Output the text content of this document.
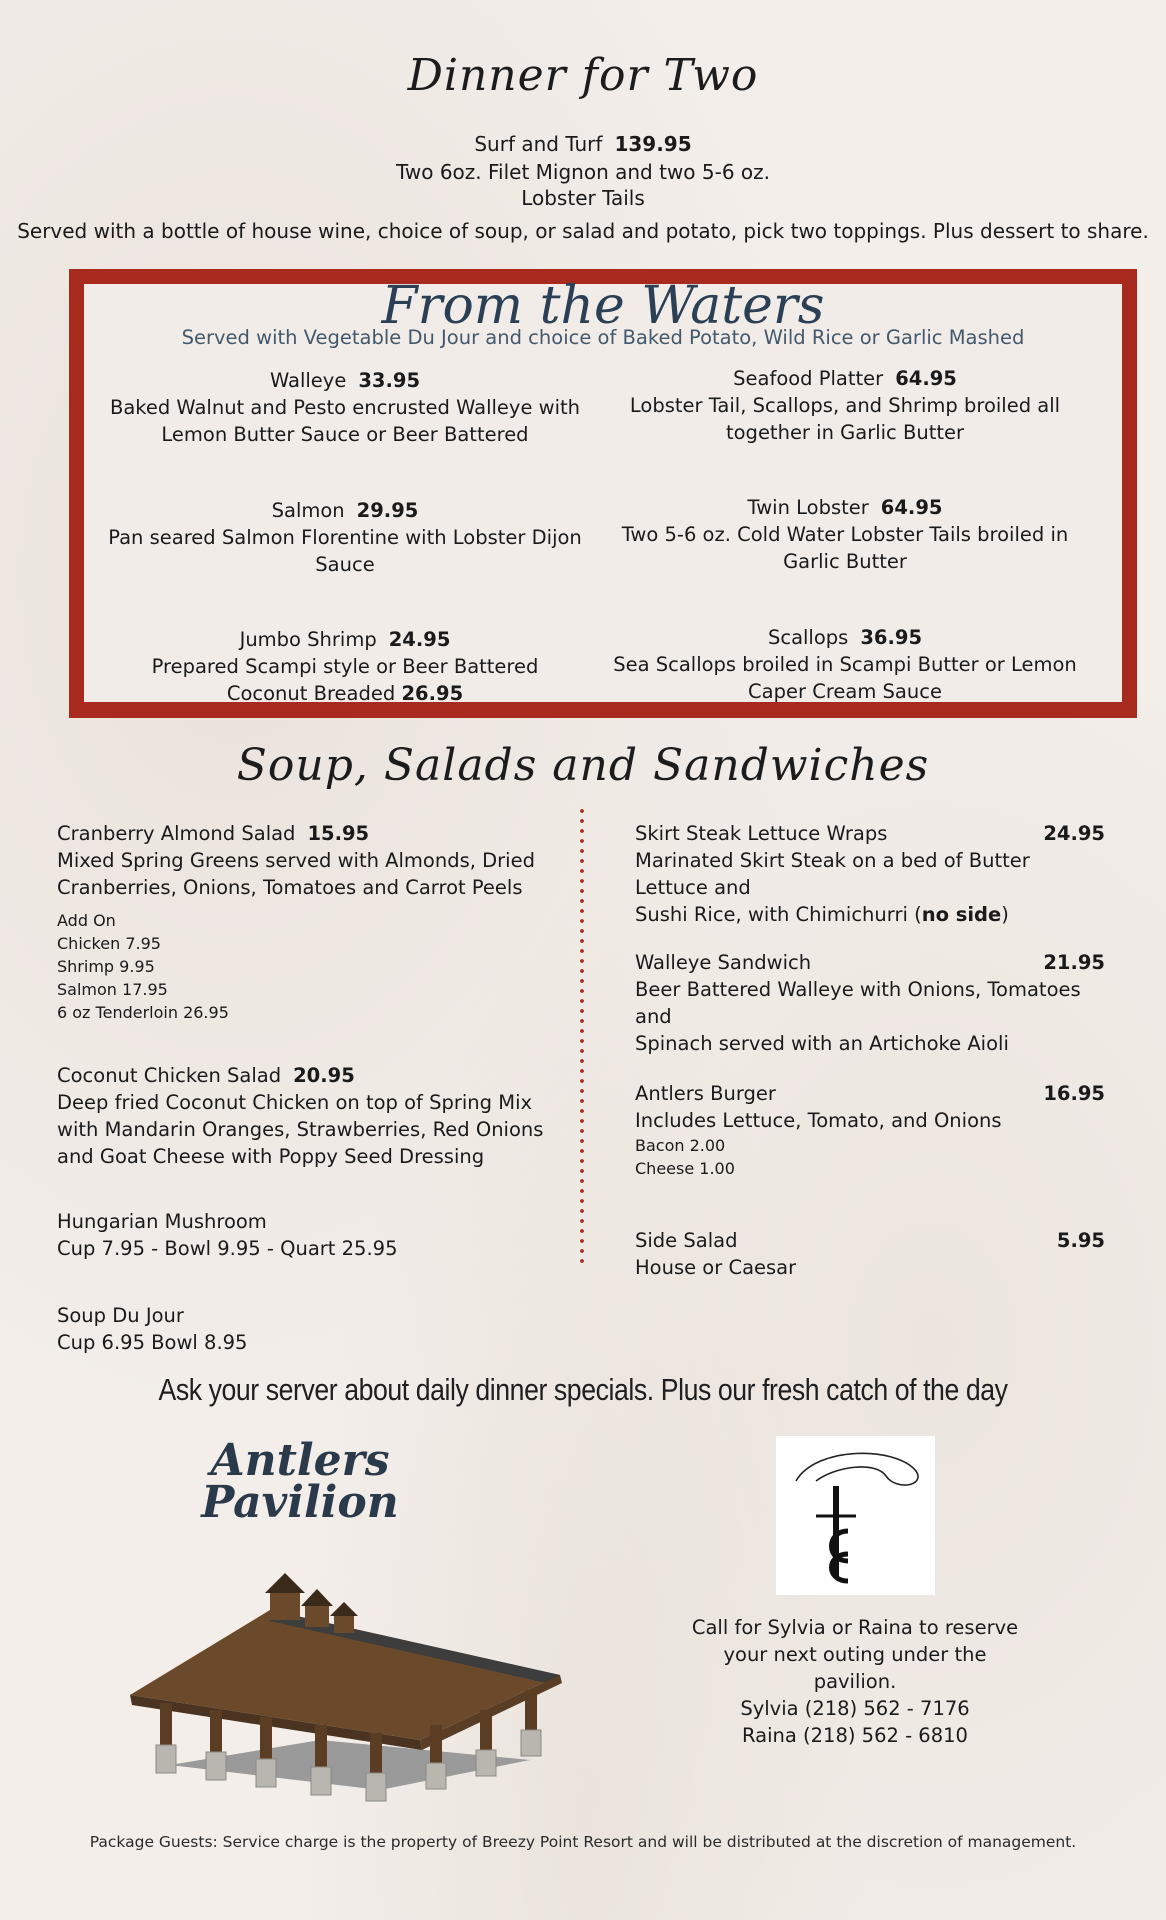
Dinner for Two
Surf and Turf 139.95
Two 6oz. Filet Mignon and two 5-6 oz.
Lobster Tails
Served with a bottle of house wine, choice of soup, or salad and potato, pick two toppings. Plus dessert to share.
From the Waters
Served with Vegetable Du Jour and choice of Baked Potato, Wild Rice or Garlic Mashed
Walleye 33.95
Baked Walnut and Pesto encrusted Walleye with
Lemon Butter Sauce or Beer Battered
Salmon 29.95
Pan seared Salmon Florentine with Lobster Dijon
Sauce
Jumbo Shrimp 24.95
Prepared Scampi style or Beer Battered
Coconut Breaded 26.95
Seafood Platter 64.95
Lobster Tail, Scallops, and Shrimp broiled all
together in Garlic Butter
Twin Lobster 64.95
Two 5-6 oz. Cold Water Lobster Tails broiled in
Garlic Butter
Scallops 36.95
Sea Scallops broiled in Scampi Butter or Lemon
Caper Cream Sauce
Soup, Salads and Sandwiches
Cranberry Almond Salad 15.95
Mixed Spring Greens served with Almonds, Dried
Cranberries, Onions, Tomatoes and Carrot Peels
Add On
Chicken 7.95
Shrimp 9.95
Salmon 17.95
6 oz Tenderloin 26.95
Coconut Chicken Salad 20.95
Deep fried Coconut Chicken on top of Spring Mix
with Mandarin Oranges, Strawberries, Red Onions
and Goat Cheese with Poppy Seed Dressing
Hungarian Mushroom
Cup 7.95 - Bowl 9.95 - Quart 25.95
Soup Du Jour
Cup 6.95 Bowl 8.95
Skirt Steak Lettuce Wraps	24.95
Marinated Skirt Steak on a bed of Butter Lettuce and
Sushi Rice, with Chimichurri (no side)
Walleye Sandwich	21.95
Beer Battered Walleye with Onions, Tomatoes and
Spinach served with an Artichoke Aioli
Antlers Burger	16.95
Includes Lettuce, Tomato, and Onions
Bacon 2.00
Cheese 1.00
Side Salad	5.95
House or Caesar
Ask your server about daily dinner specials. Plus our fresh catch of the day
Antlers
Pavilion
Call for Sylvia or Raina to reserve
your next outing under the
pavilion.
Sylvia (218) 562 - 7176
Raina (218) 562 - 6810
Package Guests: Service charge is the property of Breezy Point Resort and will be distributed at the discretion of management.
